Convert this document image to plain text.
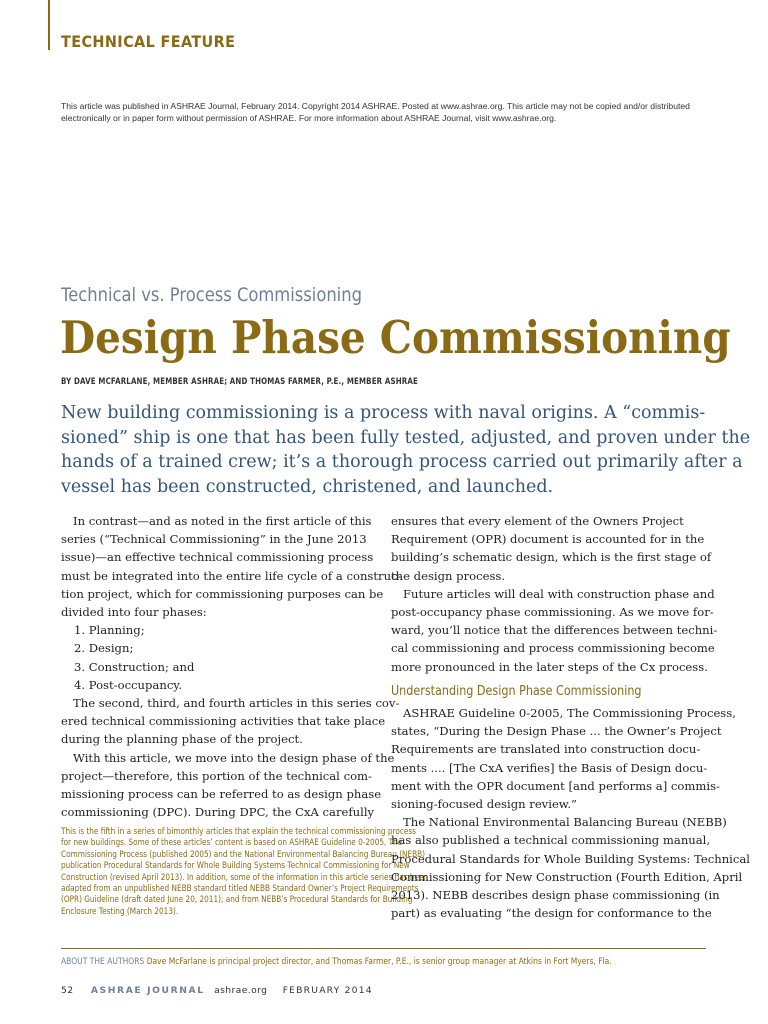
TECHNICAL FEATURE
This article was published in ASHRAE Journal, February 2014. Copyright 2014 ASHRAE. Posted at www.ashrae.org. This article may not be copied and/or distributed electronically or in paper form without permission of ASHRAE. For more information about ASHRAE Journal, visit www.ashrae.org.
Technical vs. Process Commissioning
Design Phase Commissioning
BY DAVE MCFARLANE, MEMBER ASHRAE; AND THOMAS FARMER, P.E., MEMBER ASHRAE
New building commissioning is a process with naval origins. A “commis-
sioned” ship is one that has been fully tested, adjusted, and proven under the
hands of a trained crew; it’s a thorough process carried out primarily after a
vessel has been constructed, christened, and launched.
In contrast—and as noted in the first article of this
series (“Technical Commissioning” in the June 2013
issue)—an effective technical commissioning process
must be integrated into the entire life cycle of a construc-
tion project, which for commissioning purposes can be
divided into four phases:
1. Planning;
2. Design;
3. Construction; and
4. Post-occupancy.
The second, third, and fourth articles in this series cov-
ered technical commissioning activities that take place
during the planning phase of the project.
With this article, we move into the design phase of the
project—therefore, this portion of the technical com-
missioning process can be referred to as design phase
commissioning (DPC). During DPC, the CxA carefully
This is the fifth in a series of bimonthly articles that explain the technical commissioning process
for new buildings. Some of these articles’ content is based on ASHRAE Guideline 0-2005, The
Commissioning Process (published 2005) and the National Environmental Balancing Bureau (NEBB)
publication Procedural Standards for Whole Building Systems Technical Commissioning for New
Construction (revised April 2013). In addition, some of the information in this article series has been
adapted from an unpublished NEBB standard titled NEBB Standard Owner’s Project Requirements
(OPR) Guideline (draft dated June 20, 2011); and from NEBB’s Procedural Standards for Building
Enclosure Testing (March 2013).
ensures that every element of the Owners Project
Requirement (OPR) document is accounted for in the
building’s schematic design, which is the first stage of
the design process.
Future articles will deal with construction phase and
post-occupancy phase commissioning. As we move for-
ward, you’ll notice that the differences between techni-
cal commissioning and process commissioning become
more pronounced in the later steps of the Cx process.
Understanding Design Phase Commissioning
ASHRAE Guideline 0-2005, The Commissioning Process,
states, “During the Design Phase ... the Owner’s Project
Requirements are translated into construction docu-
ments .... [The CxA verifies] the Basis of Design docu-
ment with the OPR document [and performs a] commis-
sioning-focused design review.”
The National Environmental Balancing Bureau (NEBB)
has also published a technical commissioning manual,
Procedural Standards for Whole Building Systems: Technical
Commissioning for New Construction (Fourth Edition, April
2013). NEBB describes design phase commissioning (in
part) as evaluating “the design for conformance to the
ABOUT THE AUTHORS Dave McFarlane is principal project director, and Thomas Farmer, P.E., is senior group manager at Atkins in Fort Myers, Fla.
52 ASHRAE JOURNAL ashrae.org FEBRUARY 2014
